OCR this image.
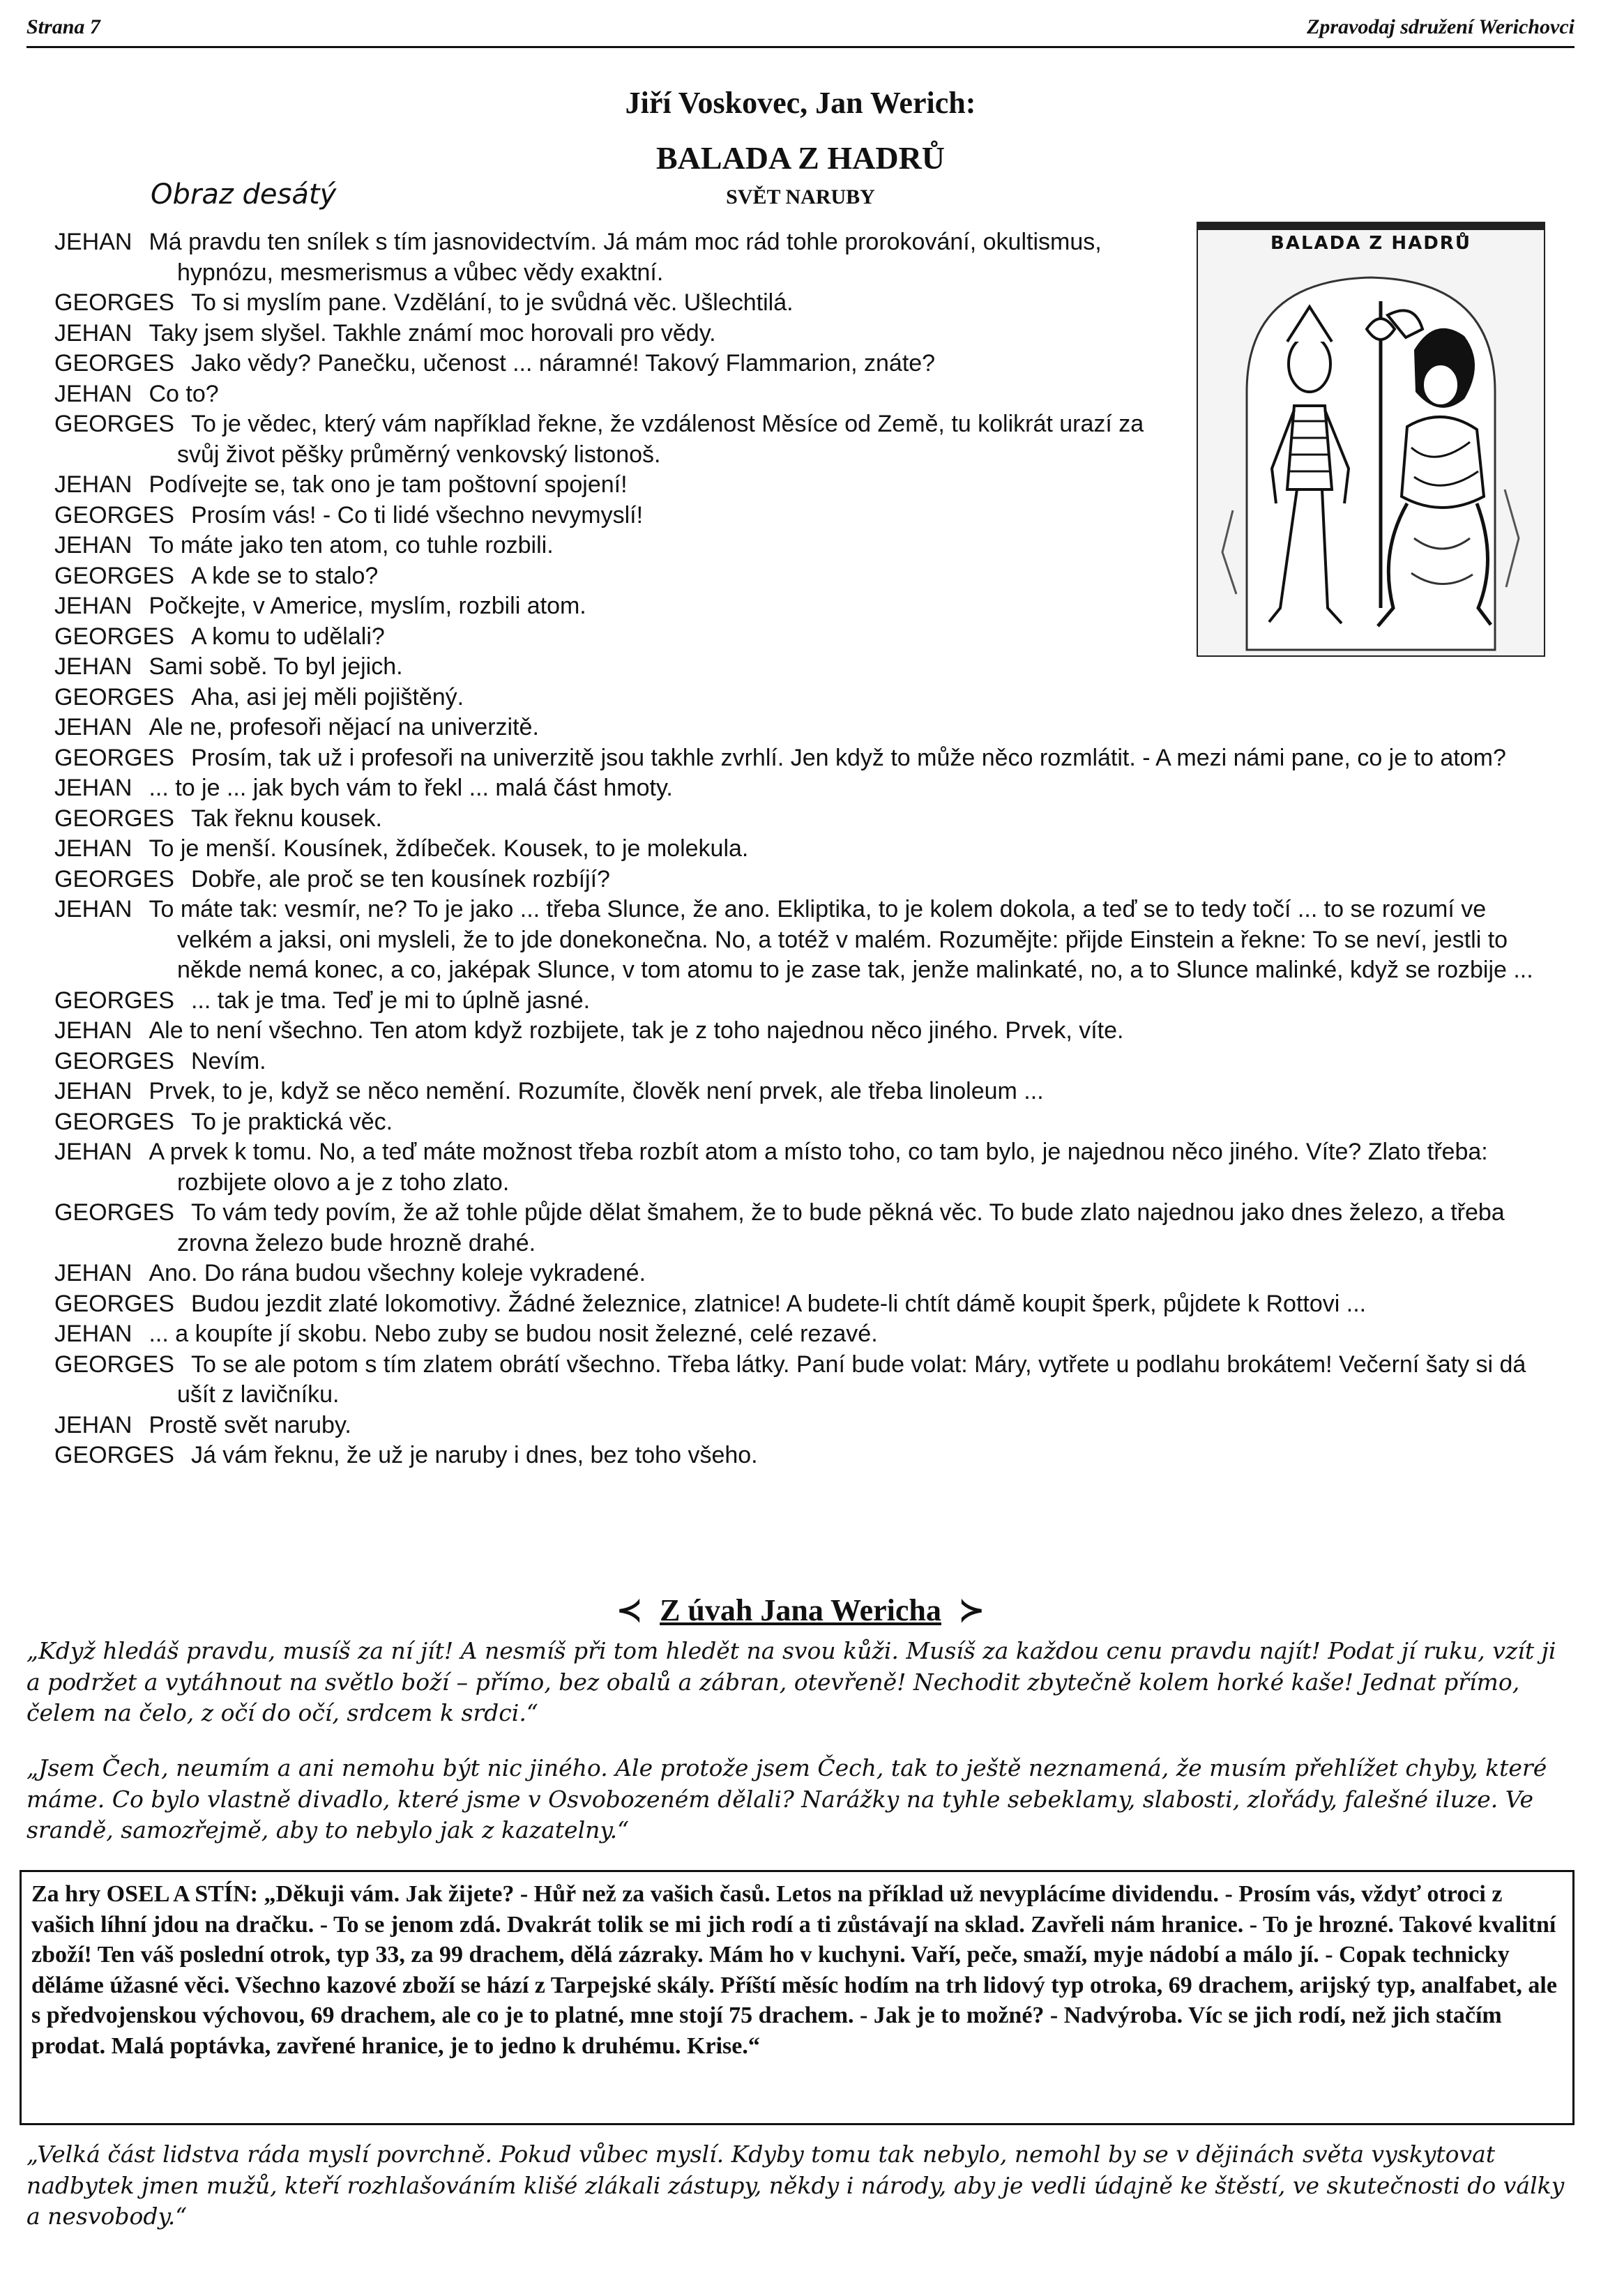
Strana 7	Zpravodaj sdružení Werichovci
Jiří Voskovec, Jan Werich:
BALADA Z HADRŮ
Obraz desátý	SVĚT NARUBY
BALADA Z HADRŮ

JEHAN Má pravdu ten snílek s tím jasnovidectvím. Já mám moc rád tohle prorokování, okultismus, hypnózu, mesmerismus a vůbec vědy exaktní.

GEORGES To si myslím pane. Vzdělání, to je svůdná věc. Ušlechtilá.

JEHAN Taky jsem slyšel. Takhle známí moc horovali pro vědy.

GEORGES Jako vědy? Panečku, učenost ... náramné! Takový Flammarion, znáte?

JEHAN Co to?

GEORGES To je vědec, který vám například řekne, že vzdálenost Měsíce od Země, tu kolikrát urazí za svůj život pěšky průměrný venkovský listonoš.

JEHAN Podívejte se, tak ono je tam poštovní spojení!

GEORGES Prosím vás! - Co ti lidé všechno nevymyslí!

JEHAN To máte jako ten atom, co tuhle rozbili.

GEORGES A kde se to stalo?

JEHAN Počkejte, v Americe, myslím, rozbili atom.

GEORGES A komu to udělali?

JEHAN Sami sobě. To byl jejich.

GEORGES Aha, asi jej měli pojištěný.

JEHAN Ale ne, profesoři nějací na univerzitě.

GEORGES Prosím, tak už i profesoři na univerzitě jsou takhle zvrhlí. Jen když to může něco rozmlátit. - A mezi námi pane, co je to atom?

JEHAN ... to je ... jak bych vám to řekl ... malá část hmoty.

GEORGES Tak řeknu kousek.

JEHAN To je menší. Kousínek, ždíbeček. Kousek, to je molekula.

GEORGES Dobře, ale proč se ten kousínek rozbíjí?

JEHAN To máte tak: vesmír, ne? To je jako ... třeba Slunce, že ano. Ekliptika, to je kolem dokola, a teď se to tedy točí ... to se rozumí ve velkém a jaksi, oni mysleli, že to jde donekonečna. No, a totéž v malém. Rozumějte: přijde Einstein a řekne: To se neví, jestli to někde nemá konec, a co, jaképak Slunce, v tom atomu to je zase tak, jenže malinkaté, no, a to Slunce malinké, když se rozbije ...

GEORGES ... tak je tma. Teď je mi to úplně jasné.

JEHAN Ale to není všechno. Ten atom když rozbijete, tak je z toho najednou něco jiného. Prvek, víte.

GEORGES Nevím.

JEHAN Prvek, to je, když se něco nemění. Rozumíte, člověk není prvek, ale třeba linoleum ...

GEORGES To je praktická věc.

JEHAN A prvek k tomu. No, a teď máte možnost třeba rozbít atom a místo toho, co tam bylo, je najednou něco jiného. Víte? Zlato třeba: rozbijete olovo a je z toho zlato.

GEORGES To vám tedy povím, že až tohle půjde dělat šmahem, že to bude pěkná věc. To bude zlato najednou jako dnes železo, a třeba zrovna železo bude hrozně drahé.

JEHAN Ano. Do rána budou všechny koleje vykradené.

GEORGES Budou jezdit zlaté lokomotivy. Žádné železnice, zlatnice! A budete-li chtít dámě koupit šperk, půjdete k Rottovi ...

JEHAN ... a koupíte jí skobu. Nebo zuby se budou nosit železné, celé rezavé.

GEORGES To se ale potom s tím zlatem obrátí všechno. Třeba látky. Paní bude volat: Máry, vytřete u podlahu brokátem! Večerní šaty si dá ušít z lavičníku.

JEHAN Prostě svět naruby.

GEORGES Já vám řeknu, že už je naruby i dnes, bez toho všeho.

≺ Z úvah Jana Wericha ≻

„Když hledáš pravdu, musíš za ní jít! A nesmíš při tom hledět na svou kůži. Musíš za každou cenu pravdu najít! Podat jí ruku, vzít ji a podržet a vytáhnout na světlo boží – přímo, bez obalů a zábran, otevřeně! Nechodit zbytečně kolem horké kaše! Jednat přímo, čelem na čelo, z očí do očí, srdcem k srdci.“

„Jsem Čech, neumím a ani nemohu být nic jiného. Ale protože jsem Čech, tak to ještě neznamená, že musím přehlížet chyby, které máme. Co bylo vlastně divadlo, které jsme v Osvobozeném dělali? Narážky na tyhle sebeklamy, slabosti, zlořády, falešné iluze. Ve srandě, samozřejmě, aby to nebylo jak z kazatelny.“

Za hry OSEL A STÍN: „Děkuji vám. Jak žijete? - Hůř než za vašich časů. Letos na příklad už nevyplácíme dividendu. - Prosím vás, vždyť otroci z vašich líhní jdou na dračku. - To se jenom zdá. Dvakrát tolik se mi jich rodí a ti zůstávají na sklad. Zavřeli nám hranice. - To je hrozné. Takové kvalitní zboží! Ten váš poslední otrok, typ 33, za 99 drachem, dělá zázraky. Mám ho v kuchyni. Vaří, peče, smaží, myje nádobí a málo jí. - Copak technicky děláme úžasné věci. Všechno kazové zboží se hází z Tarpejské skály. Příští měsíc hodím na trh lidový typ otroka, 69 drachem, arijský typ, analfabet, ale s předvojenskou výchovou, 69 drachem, ale co je to platné, mne stojí 75 drachem. - Jak je to možné? - Nadvýroba. Víc se jich rodí, než jich stačím prodat. Malá poptávka, zavřené hranice, je to jedno k druhému. Krise.“

„Velká část lidstva ráda myslí povrchně. Pokud vůbec myslí. Kdyby tomu tak nebylo, nemohl by se v dějinách světa vyskytovat nadbytek jmen mužů, kteří rozhlašováním klišé zlákali zástupy, někdy i národy, aby je vedli údajně ke štěstí, ve skutečnosti do války a nesvobody.“
